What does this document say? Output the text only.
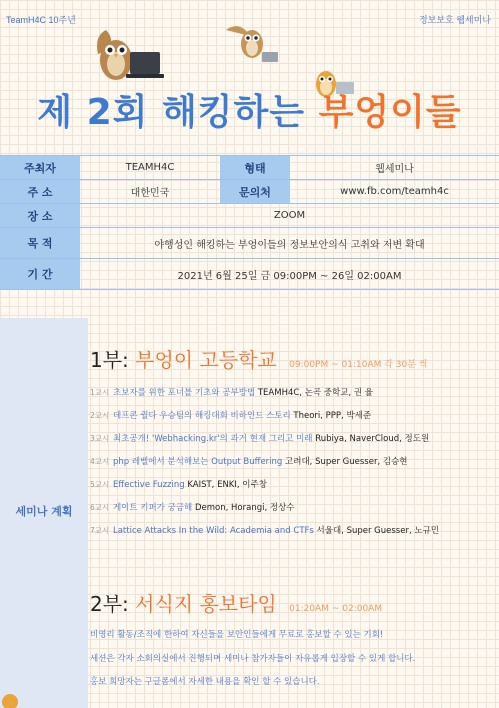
TeamH4C 10주년	정보보호 웹세미나
제 2회 해킹하는 부엉이들
주최자	TEAMH4C	형태	웹세미나
주 소	대한민국	문의처	www.fb.com/teamh4c
장 소	ZOOM		
목 적	야행성인 해킹하는 부엉이들의 정보보안의식 고취와 저변 확대		
기 간	2021년 6월 25일 금 09:00PM ~ 26일 02:00AM		
세미나 계획
1부: 부엉이 고등학교 09:00PM ~ 01:10AM 각 30분 씩
1교시 초보자를 위한 포너블 기초와 공부방법 TEAMH4C, 논곡 중학교, 권 율
2교시 데프콘 퀄다 우승팀의 해킹대회 비하인드 스토리 Theori, PPP, 박세준
3교시 최초공개! 'Webhacking.kr'의 과거 현재 그리고 미래 Rubiya, NaverCloud, 정도원
4교시 php 레벨에서 분석해보는 Output Buffering 고려대, Super Guesser, 김승현
5교시 Effective Fuzzing KAIST, ENKI, 이주창
6교시 게이트 키퍼가 궁금해 Demon, Horangi, 정상수
7교시 Lattice Attacks In the Wild: Academia and CTFs 서울대, Super Guesser, 노규민
2부: 서식지 홍보타임 01:20AM ~ 02:00AM
비영리 활동/조직에 한하여 자신들을 보안인들에게 무료로 홍보할 수 있는 기회!
세션은 각자 소회의실에서 진행되며 세미나 참가자들이 자유롭게 입장할 수 있게 합니다.
홍보 희망자는 구글폼에서 자세한 내용을 확인 할 수 있습니다.
